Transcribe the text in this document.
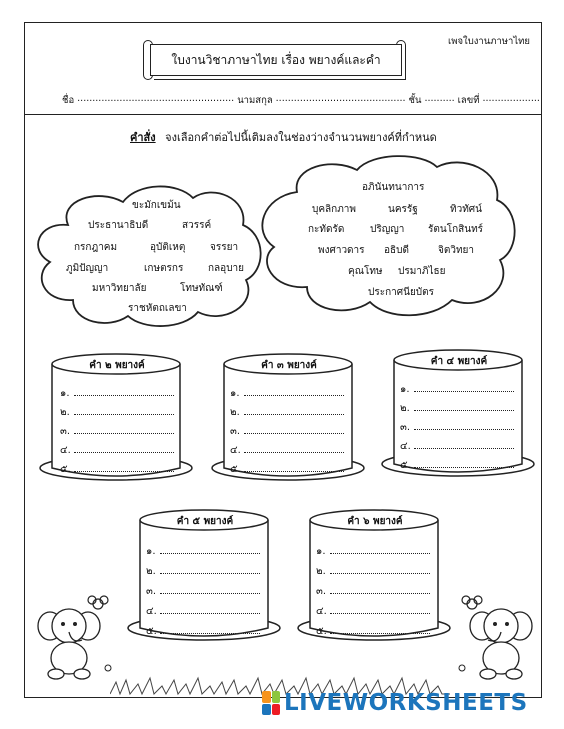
เพจใบงานภาษาไทย
ใบงานวิชาภาษาไทย เรื่อง พยางค์และคำ
ชื่อ .................................................... นามสกุล ........................................... ชั้น .......... เลขที่ ...................
คำสั่ง จงเลือกคำต่อไปนี้เติมลงในช่องว่างจำนวนพยางค์ที่กำหนด
ขะมักเขม้น
ประธานาธิบดี	สวรรค์
กรกฎาคม	อุบัติเหตุ จรรยา
ภูมิปัญญา	เกษตรกร กลอุบาย
มหาวิทยาลัย	โทษทัณฑ์
ราชหัตถเลขา
อภินันทนาการ
บุคลิกภาพ	นครรัฐ	ทิวทัศน์
กะทัดรัด	ปริญญา รัตนโกสินทร์
พงศาวดาร อธิบดี	จิตวิทยา
คุณโทษ ปรมาภิไธย
ประกาศนียบัตร
คำ ๒ พยางค์
๑.
๒.
๓.
๔.
๕.
คำ ๓ พยางค์
๑.
๒.
๓.
๔.
๕.
คำ ๔ พยางค์
๑.
๒.
๓.
๔.
๕.
คำ ๕ พยางค์
๑.
๒.
๓.
๔.
๕.
คำ ๖ พยางค์
๑.
๒.
๓.
๔.
๕.
LIVEWORKSHEETS
